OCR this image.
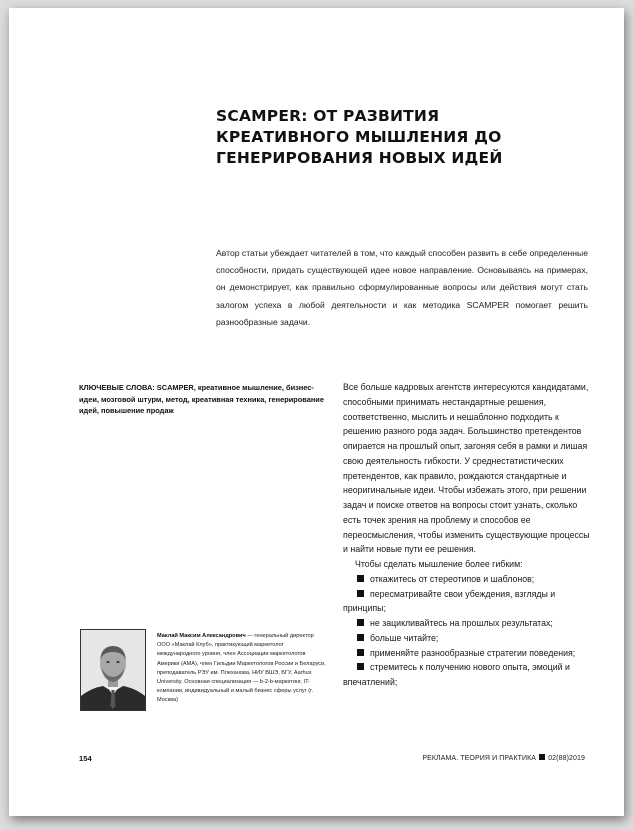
SCAMPER: ОТ РАЗВИТИЯ КРЕАТИВНОГО МЫШЛЕНИЯ ДО ГЕНЕРИРОВАНИЯ НОВЫХ ИДЕЙ

Автор статьи убеждает читателей в том, что каждый способен развить в себе определенные способности, придать существующей идее новое направление. Основываясь на примерах, он демонстрирует, как правильно сформулированные вопросы или действия могут стать залогом успеха в любой деятельности и как методика SCAMPER помогает решить разнообразные задачи.

КЛЮЧЕВЫЕ СЛОВА: SCAMPER, креативное мышление, бизнес-идеи, мозговой штурм, метод, креативная техника, генерирование идей, повышение продаж

Все больше кадровых агентств интересуются кандидатами, способными принимать нестандартные решения, соответственно, мыслить и нешаблонно подходить к решению разного рода задач. Большинство претендентов опирается на прошлый опыт, загоняя себя в рамки и лишая свою деятельность гибкости. У среднестатистических претендентов, как правило, рождаются стандартные и неоригинальные идеи. Чтобы избежать этого, при решении задач и поиске ответов на вопросы стоит узнать, сколько есть точек зрения на проблему и способов ее переосмысления, чтобы изменить существующие процессы и найти новые пути ее решения.

Чтобы сделать мышление более гибким:

откажитесь от стереотипов и шаблонов;
пересматривайте свои убеждения, взгляды и принципы;
не зацикливайтесь на прошлых результатах;
больше читайте;
применяйте разнообразные стратегии поведения;
стремитесь к получению нового опыта, эмоций и впечатлений;

Маклай Максим Александрович — генеральный директор ООО «Маклай Клуб», практикующий маркетолог международного уровня, член Ассоциации маркетологов Америки (AMA), член Гильдии Маркетологов России и Беларуси, преподаватель РЭУ им. Плеханова, НИУ ВШЭ, БГУ, Aarhus University. Основная специализация — b-2-b-маркетинг, IT-компании, индивидуальный и малый бизнес сферы услуг (г. Москва)

154	РЕКЛАМА. ТЕОРИЯ И ПРАКТИКА 02(88)2019
